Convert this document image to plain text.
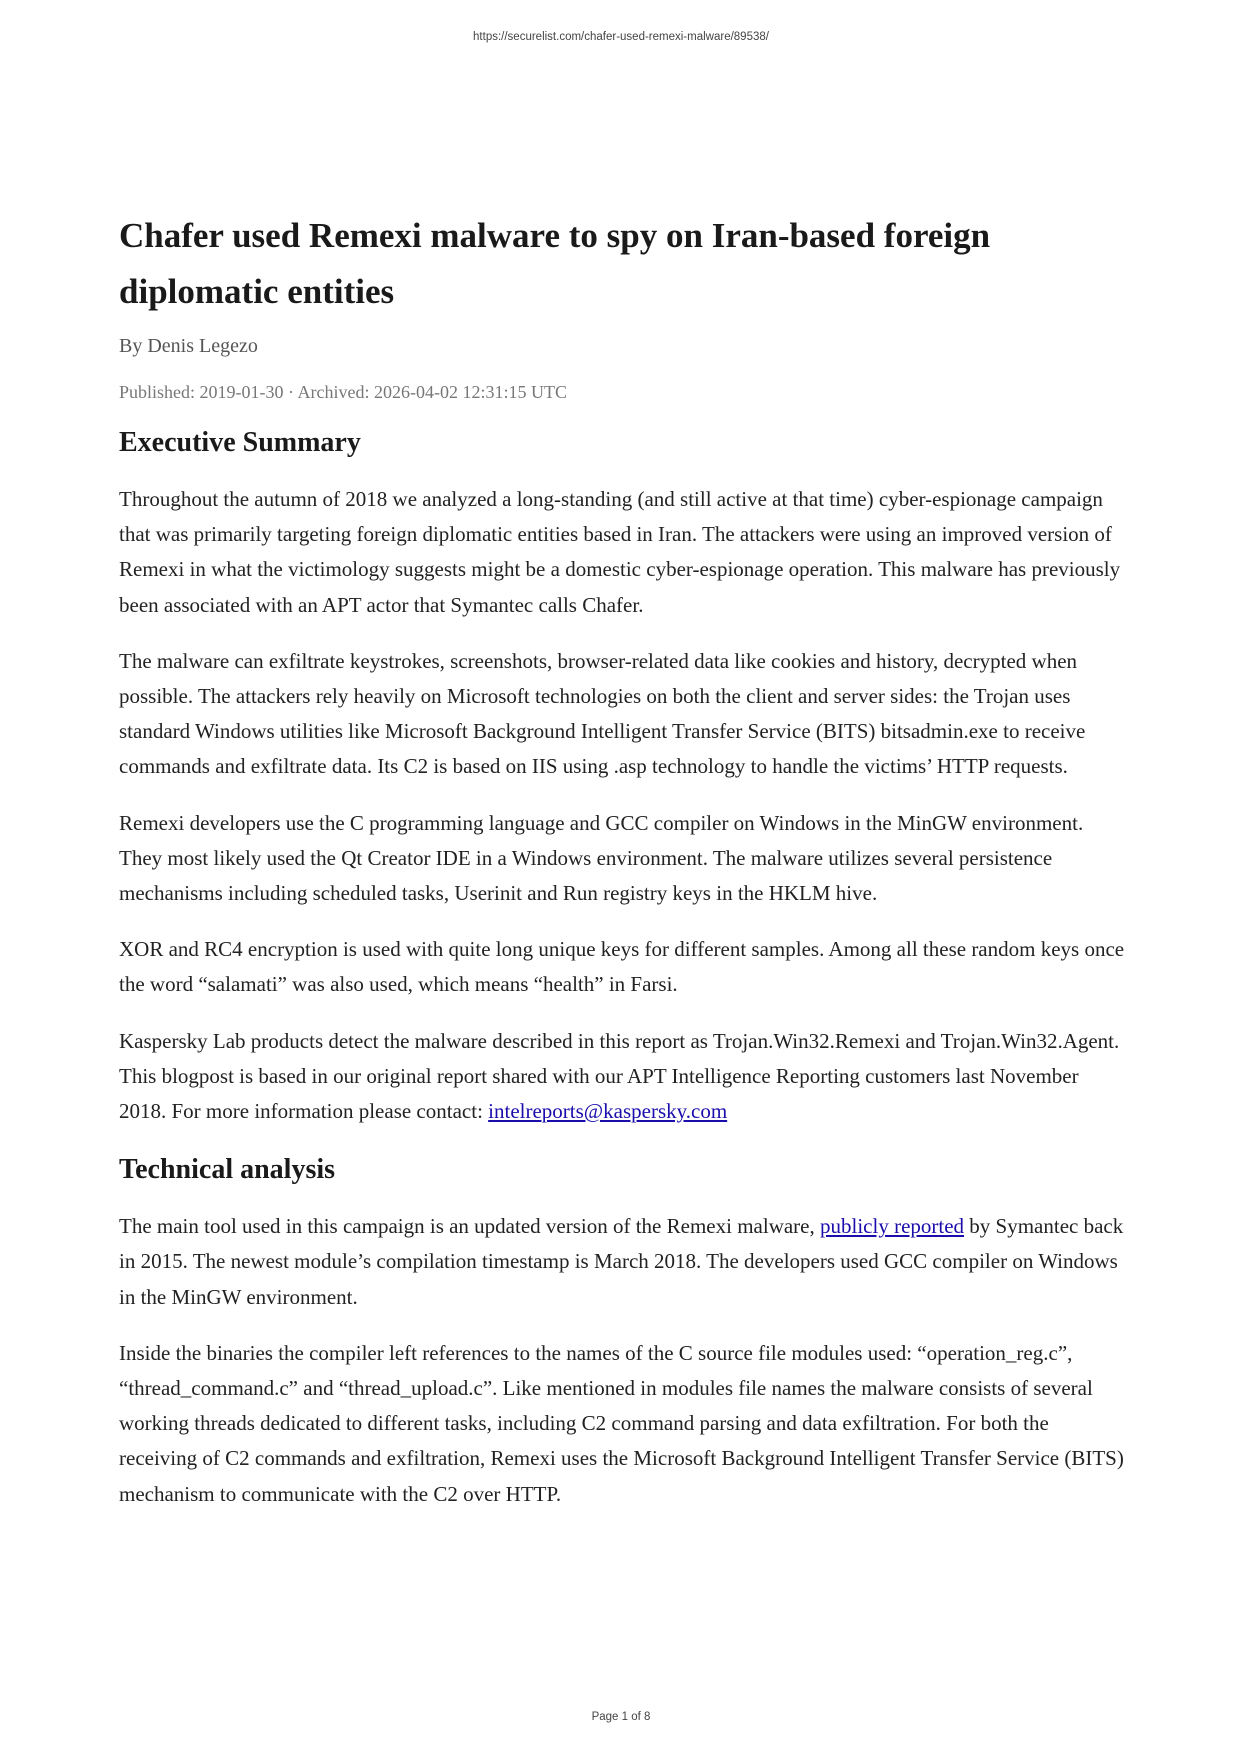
https://securelist.com/chafer-used-remexi-malware/89538/
Chafer used Remexi malware to spy on Iran-based foreign diplomatic entities
By Denis Legezo
Published: 2019-01-30 · Archived: 2026-04-02 12:31:15 UTC
Executive Summary

Throughout the autumn of 2018 we analyzed a long-standing (and still active at that time) cyber-espionage campaign that was primarily targeting foreign diplomatic entities based in Iran. The attackers were using an improved version of Remexi in what the victimology suggests might be a domestic cyber-espionage operation. This malware has previously been associated with an APT actor that Symantec calls Chafer.

The malware can exfiltrate keystrokes, screenshots, browser-related data like cookies and history, decrypted when possible. The attackers rely heavily on Microsoft technologies on both the client and server sides: the Trojan uses standard Windows utilities like Microsoft Background Intelligent Transfer Service (BITS) bitsadmin.exe to receive commands and exfiltrate data. Its C2 is based on IIS using .asp technology to handle the victims’ HTTP requests.

Remexi developers use the C programming language and GCC compiler on Windows in the MinGW environment. They most likely used the Qt Creator IDE in a Windows environment. The malware utilizes several persistence mechanisms including scheduled tasks, Userinit and Run registry keys in the HKLM hive.

XOR and RC4 encryption is used with quite long unique keys for different samples. Among all these random keys once the word “salamati” was also used, which means “health” in Farsi.

Kaspersky Lab products detect the malware described in this report as Trojan.Win32.Remexi and Trojan.Win32.Agent. This blogpost is based in our original report shared with our APT Intelligence Reporting customers last November 2018. For more information please contact: intelreports@kaspersky.com

Technical analysis

The main tool used in this campaign is an updated version of the Remexi malware, publicly reported by Symantec back in 2015. The newest module’s compilation timestamp is March 2018. The developers used GCC compiler on Windows in the MinGW environment.

Inside the binaries the compiler left references to the names of the C source file modules used: “operation_reg.c”, “thread_command.c” and “thread_upload.c”. Like mentioned in modules file names the malware consists of several working threads dedicated to different tasks, including C2 command parsing and data exfiltration. For both the receiving of C2 commands and exfiltration, Remexi uses the Microsoft Background Intelligent Transfer Service (BITS) mechanism to communicate with the C2 over HTTP.

Page 1 of 8
